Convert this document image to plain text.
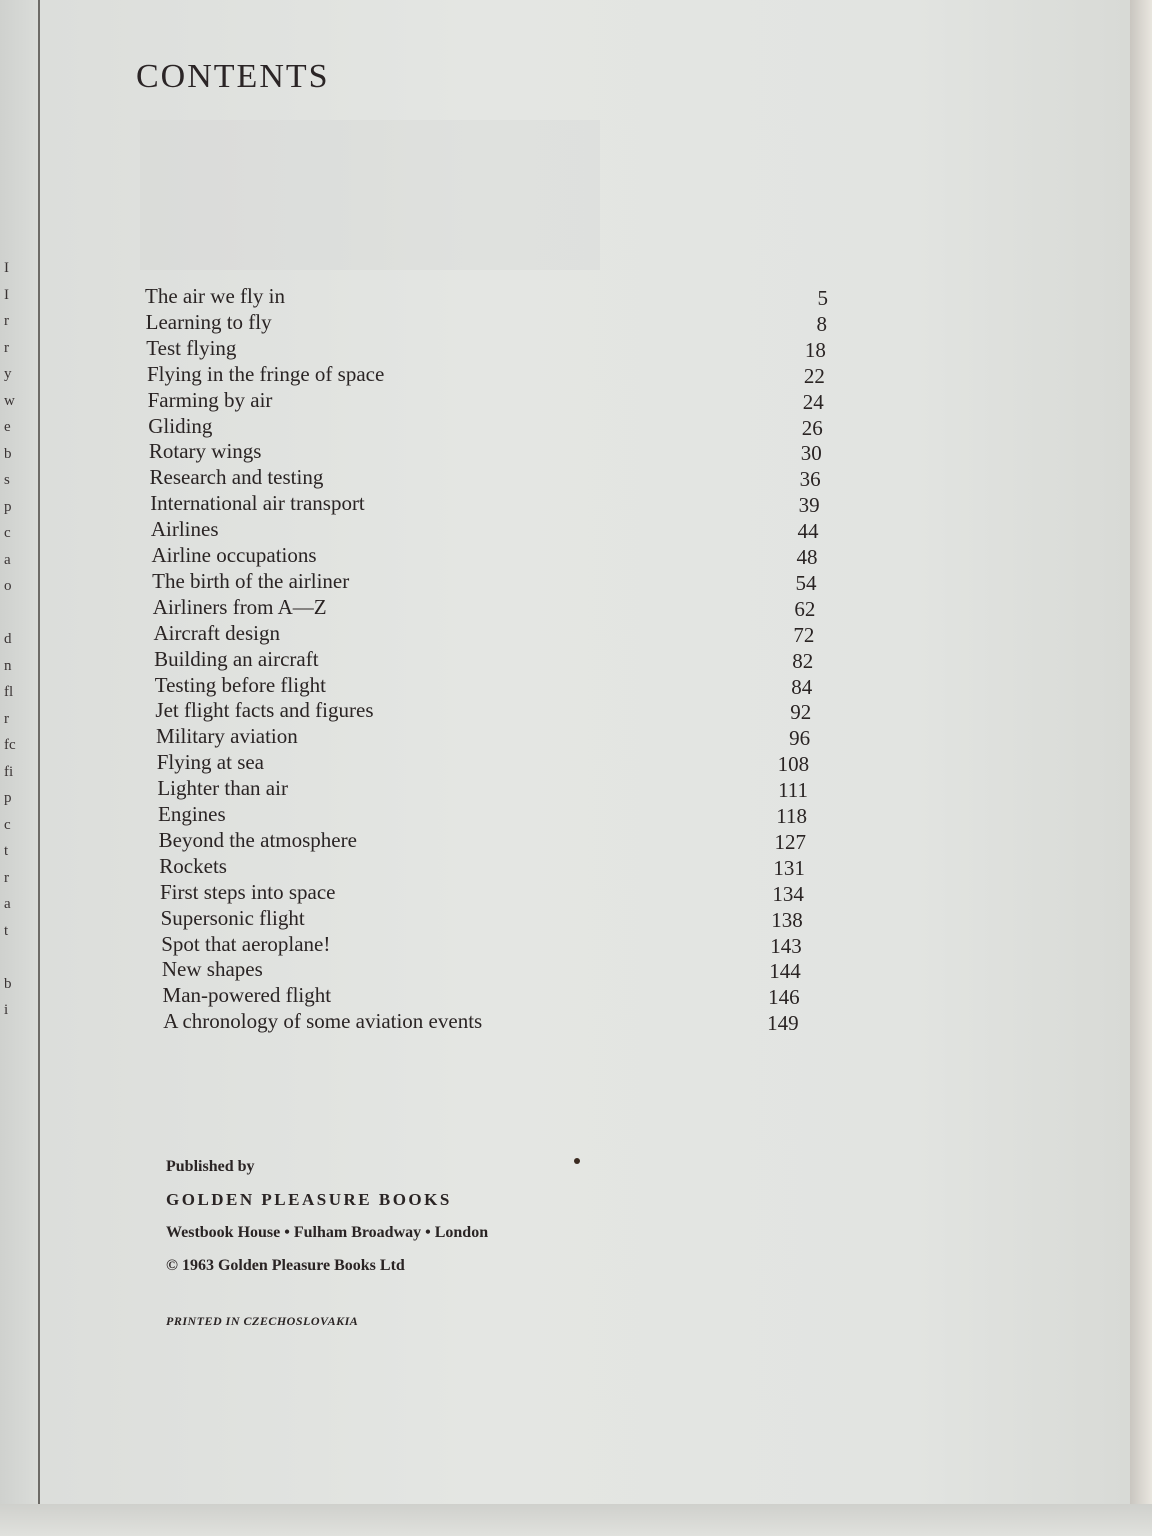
I
I
r
r
y
w
e
b
s
p
c
a
o
d
n
fl
r
fc
fi
p
c
t
r
a
t
b
i
CONTENTS
The air we fly in	5
Learning to fly	8
Test flying	18
Flying in the fringe of space	22
Farming by air	24
Gliding	26
Rotary wings	30
Research and testing	36
International air transport	39
Airlines	44
Airline occupations	48
The birth of the airliner	54
Airliners from A—Z	62
Aircraft design	72
Building an aircraft	82
Testing before flight	84
Jet flight facts and figures	92
Military aviation	96
Flying at sea	108
Lighter than air	111
Engines	118
Beyond the atmosphere	127
Rockets	131
First steps into space	134
Supersonic flight	138
Spot that aeroplane!	143
New shapes	144
Man-powered flight	146
A chronology of some aviation events	149
Published by
GOLDEN PLEASURE BOOKS
Westbook House • Fulham Broadway • London
© 1963 Golden Pleasure Books Ltd
PRINTED IN CZECHOSLOVAKIA
